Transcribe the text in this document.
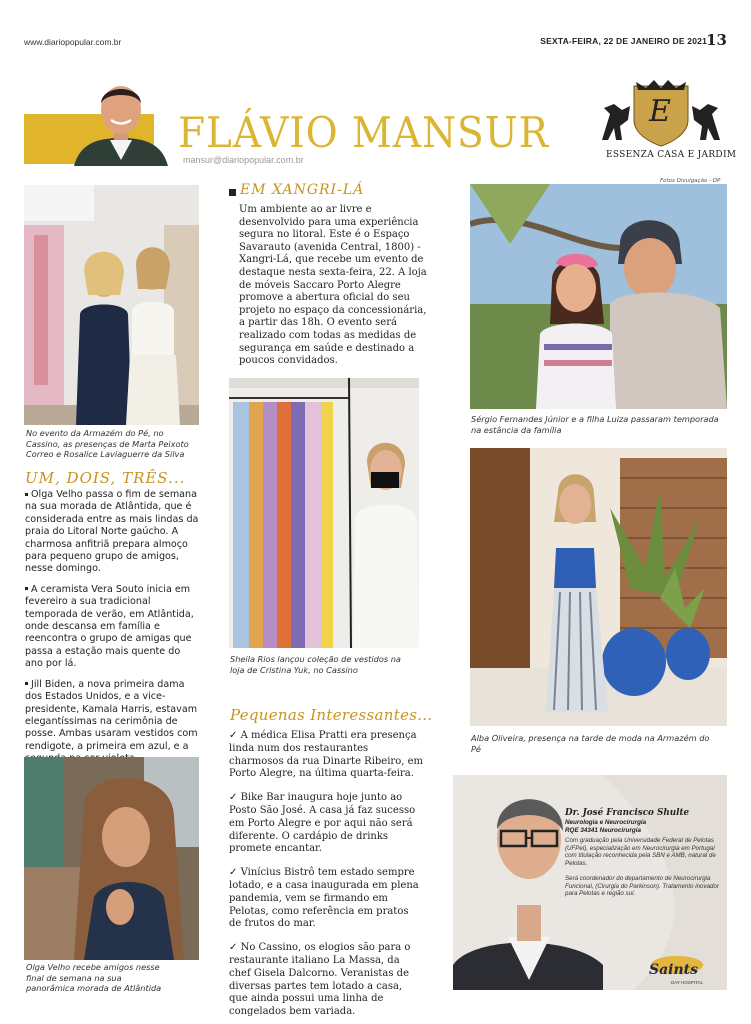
www.diariopopular.com.br	SEXTA-FEIRA, 22 DE JANEIRO DE 2021 13
FLÁVIO MANSUR
mansur@diariopopular.com.br
E
ESSENZA CASA E JARDIM
Fotos Divulgação - DP
No evento da Armazém do Pé, no Cassino, as presenças de Marta Peixoto Correo e Rosalice Laviaguerre da Silva
UM, DOIS, TRÊS...

Olga Velho passa o fim de semana na sua morada de Atlântida, que é considerada entre as mais lindas da praia do Litoral Norte gaúcho. A charmosa anfitriã prepara almoço para pequeno grupo de amigos, nesse domingo.

A ceramista Vera Souto inicia em fevereiro a sua tradicional temporada de verão, em Atlântida, onde descansa em família e reencontra o grupo de amigas que passa a estação mais quente do ano por lá.

Jill Biden, a nova primeira dama dos Estados Unidos, e a vice-presidente, Kamala Harris, estavam elegantíssimas na cerimônia de posse. Ambas usaram vestidos com rendigote, a primeira em azul, e a

Olga Velho recebe amigos nesse final de semana na sua panorâmica morada de Atlântida
EM XANGRI-LÁ
Um ambiente ao ar livre e desenvolvido para uma experiência segura no litoral. Este é o Espaço Savarauto (avenida Central, 1800) - Xangri-Lá, que recebe um evento de destaque nesta sexta-feira, 22. A loja de móveis Saccaro Porto Alegre promove a abertura oficial do seu projeto no espaço da concessionária, a partir das 18h. O evento será realizado com todas as medidas de segurança em saúde e destinado a poucos convidados.
Sheila Rios lançou coleção de vestidos na loja de Cristina Yuk, no Cassino
Pequenas Interessantes...

✓ A médica Elisa Pratti era presença linda num dos restaurantes charmosos da rua Dinarte Ribeiro, em Porto Alegre, na última quarta-feira.

✓ Bike Bar inaugura hoje junto ao Posto São José. A casa já faz sucesso em Porto Alegre e por aqui não será diferente. O cardápio de drinks promete encantar.

✓ Vinícius Bistrô tem estado sempre lotado, e a casa inaugurada em plena pandemia, vem se firmando em Pelotas, como referência em pratos de frutos do mar.

✓ No Cassino, os elogios são para o restaurante italiano La Massa, da chef Gisela Dalcorno. Veranistas de diversas partes tem lotado a casa, que ainda possui uma linha de congelados bem variada.

Sérgio Fernandes Júnior e a filha Luiza passaram temporada na estância da família
Alba Oliveira, presença na tarde de moda na Armazém do Pé
Dr. José Francisco Shulte
Neurologia e Neurocirurgia
RQE 34341 Neurocirurgia
Com graduação pela Universidade Federal de Pelotas (UFPel), especialização em Neurocirurgia em Portugal com titulação reconhecida pela SBN e AMB, natural de Pelotas.
Será coordenador do departamento de Neurocirurgia Funcional, (Cirurgia do Parkinson). Tratamento inovador para Pelotas e região sul.
Saints
DAY HOSPITAL
